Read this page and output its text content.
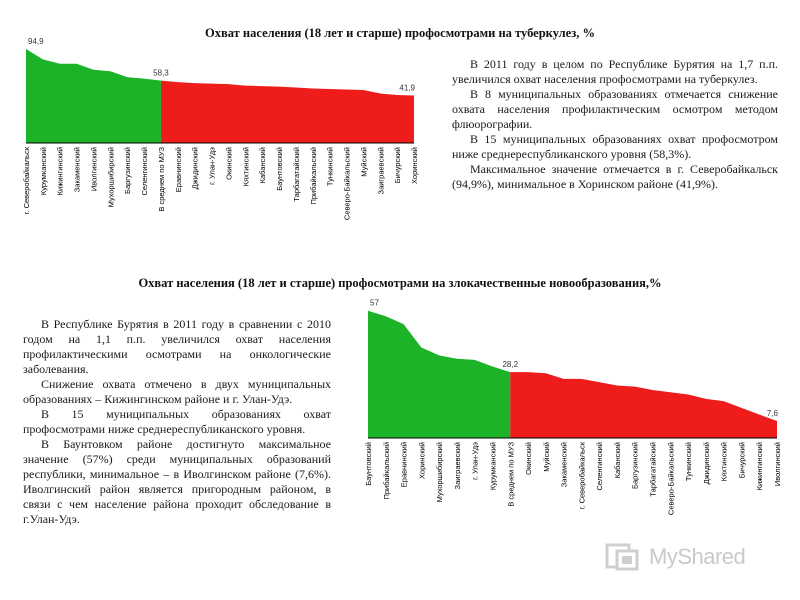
Охват населения (18 лет и старше) профосмотрами на туберкулез, %
г. Северобайкальск Курумканский Кижингинский Закаменский Иволгинский Мухоршибирский Баргузинский Селенгинский В среднем по МУЗ Еравнинский Джидинский г. Улан-Удэ Окинский Кяхтинский Кабанский Баунтовский Тарбагатайский Прибайкальский Тункинский Северо-Байкальский Муйский Заиграевский Бичурский Хоринский
94,9
58,3
41,9

В 2011 году в целом по Республике Бурятия на 1,7 п.п. увеличился охват населения профосмотрами на туберкулез.

В 8 муниципальных образованиях отмечается снижение охвата населения профилактическим осмотром методом флюорографии.

В 15 муниципальных образованиях охват профосмотром ниже среднереспубликанского уровня (58,3%).

Максимальное значение отмечается в г. Северобайкальск (94,9%), минимальное в Хоринском районе (41,9%).

Охват населения (18 лет и старше) профосмотрами на злокачественные новообразования,%
Баунтовский Прибайкальский Еравнинский Хоринский Мухоршибирский Заиграевский г. Улан-Удэ Курумканский В среднем по МУЗ Окинский Муйский Закаменский г. Северобайкальск Селенгинский Кабанский Баргузинский Тарбагатайский Северо-Байкальский Тункинский Джидинский Кяхтинский Бичурский Кижингинский Иволгинский
57
28,2
7,6

В Республике Бурятия в 2011 году в сравнении с 2010 годом на 1,1 п.п. увеличился охват населения профилактическими осмотрами на онкологические заболевания.

Снижение охвата отмечено в двух муниципальных образованиях – Кижингинском районе и г. Улан-Удэ.

В 15 муниципальных образованиях охват профосмотрами ниже среднереспубликанского уровня.

В Баунтовком районе достигнуто максимальное значение (57%) среди муниципальных образований республики, минимальное – в Иволгинском районе (7,6%). Иволгинский район является пригородным районом, в связи с чем население района проходит обследование в г.Улан-Удэ.

MyShared
